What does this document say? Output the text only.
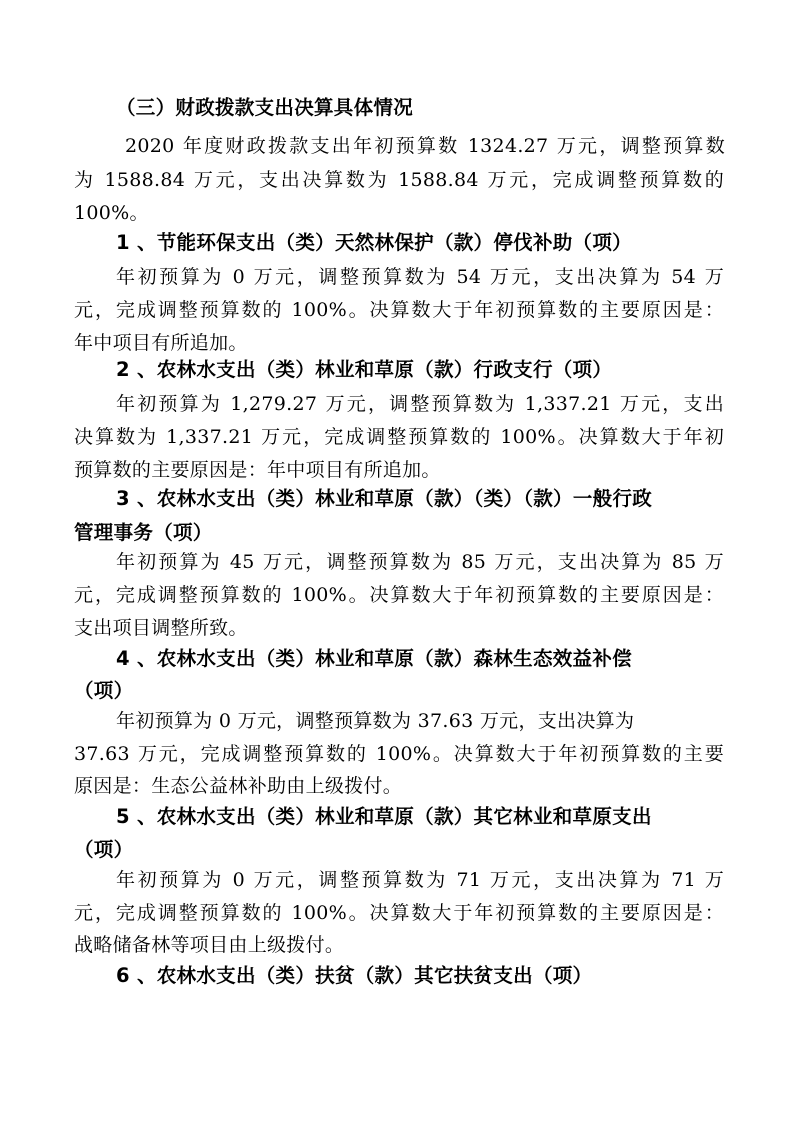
（三）财政拨款支出决算具体情况
2020 年度财政拨款支出年初预算数 1324.27 万元，调整预算数
为 1588.84 万元，支出决算数为 1588.84 万元，完成调整预算数的
100%。
1 、节能环保支出（类）天然林保护（款）停伐补助（项）
年初预算为 0 万元，调整预算数为 54 万元，支出决算为 54 万
元，完成调整预算数的 100%。决算数大于年初预算数的主要原因是：
年中项目有所追加。
2 、农林水支出（类）林业和草原（款）行政支行（项）
年初预算为 1,279.27 万元，调整预算数为 1,337.21 万元，支出
决算数为 1,337.21 万元，完成调整预算数的 100%。决算数大于年初
预算数的主要原因是：年中项目有所追加。
3 、农林水支出（类）林业和草原（款）（类）（款）一般行政
管理事务（项）
年初预算为 45 万元，调整预算数为 85 万元，支出决算为 85 万
元，完成调整预算数的 100%。决算数大于年初预算数的主要原因是：
支出项目调整所致。
4 、农林水支出（类）林业和草原（款）森林生态效益补偿
（项）
年初预算为 0 万元，调整预算数为 37.63 万元，支出决算为
37.63 万元，完成调整预算数的 100%。决算数大于年初预算数的主要
原因是：生态公益林补助由上级拨付。
5 、农林水支出（类）林业和草原（款）其它林业和草原支出
（项）
年初预算为 0 万元，调整预算数为 71 万元，支出决算为 71 万
元，完成调整预算数的 100%。决算数大于年初预算数的主要原因是：
战略储备林等项目由上级拨付。
6 、农林水支出（类）扶贫（款）其它扶贫支出（项）
